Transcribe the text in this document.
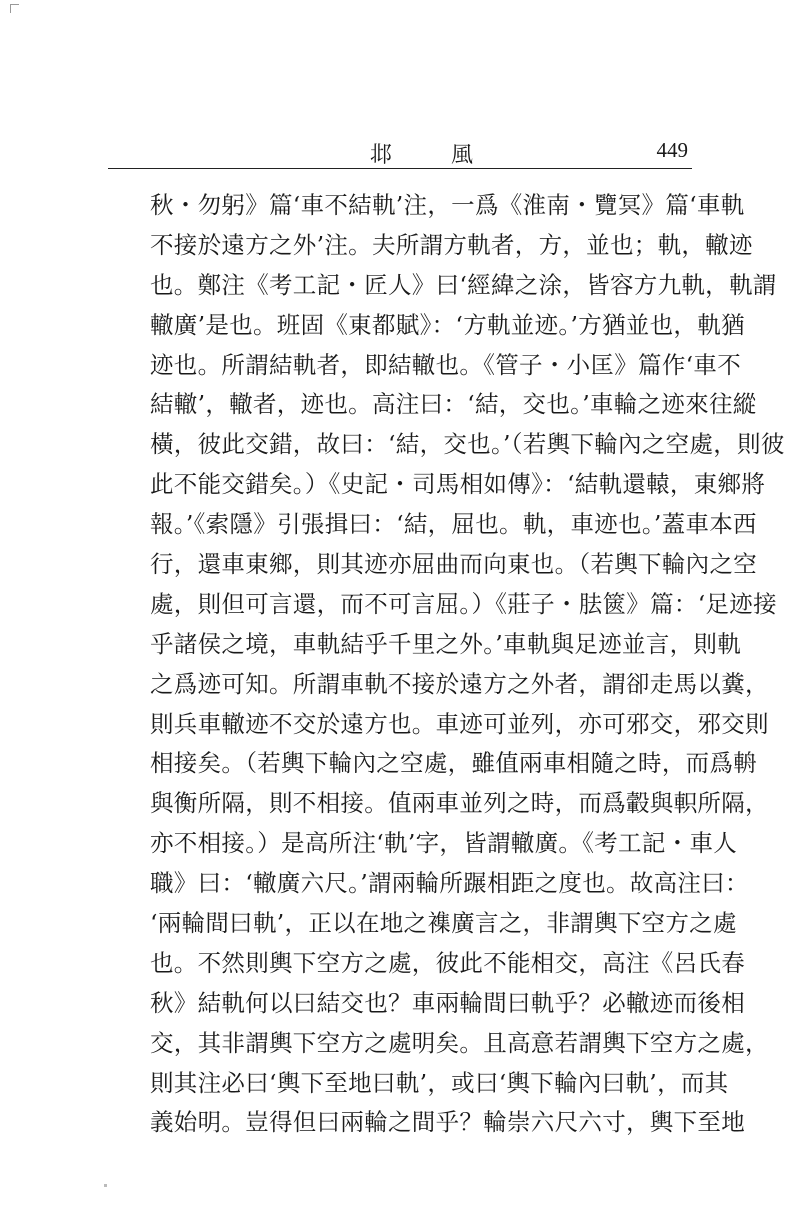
邶 風	449
秋・勿躬》篇‘車不結軌’注，一爲《淮南・覽冥》篇‘車軌
不接於遠方之外’注。夫所謂方軌者，方，並也；軌，轍迹
也。鄭注《考工記・匠人》曰‘經緯之涂，皆容方九軌，軌謂
轍廣’是也。班固《東都賦》：‘方軌並迹。’方猶並也，軌猶
迹也。所謂結軌者，即結轍也。《管子・小匡》篇作‘車不
結轍’，轍者，迹也。高注曰：‘結，交也。’車輪之迹來往縱
橫，彼此交錯，故曰：‘結，交也。’（若輿下輪內之空處，則彼
此不能交錯矣。）《史記・司馬相如傳》：‘結軌還轅，東鄉將
報。’《索隱》引張揖曰：‘結，屈也。軌，車迹也。’蓋車本西
行，還車東鄉，則其迹亦屈曲而向東也。（若輿下輪內之空
處，則但可言還，而不可言屈。）《莊子・胠篋》篇：‘足迹接
乎諸侯之境，車軌結乎千里之外。’車軌與足迹並言，則軌
之爲迹可知。所謂車軌不接於遠方之外者，謂卻走馬以糞，
則兵車轍迹不交於遠方也。車迹可並列，亦可邪交，邪交則
相接矣。（若輿下輪內之空處，雖值兩車相隨之時，而爲輈
與衡所隔，則不相接。值兩車並列之時，而爲轂與軹所隔，
亦不相接。）是高所注‘軌’字，皆謂轍廣。《考工記・車人
職》曰：‘轍廣六尺。’謂兩輪所蹍相距之度也。故高注曰：
‘兩輪間曰軌’，正以在地之襍廣言之，非謂輿下空方之處
也。不然則輿下空方之處，彼此不能相交，高注《呂氏春
秋》結軌何以曰結交也？車兩輪間曰軌乎？必轍迹而後相
交，其非謂輿下空方之處明矣。且高意若謂輿下空方之處，
則其注必曰‘輿下至地曰軌’，或曰‘輿下輪內曰軌’，而其
義始明。豈得但曰兩輪之間乎？輪崇六尺六寸，輿下至地
